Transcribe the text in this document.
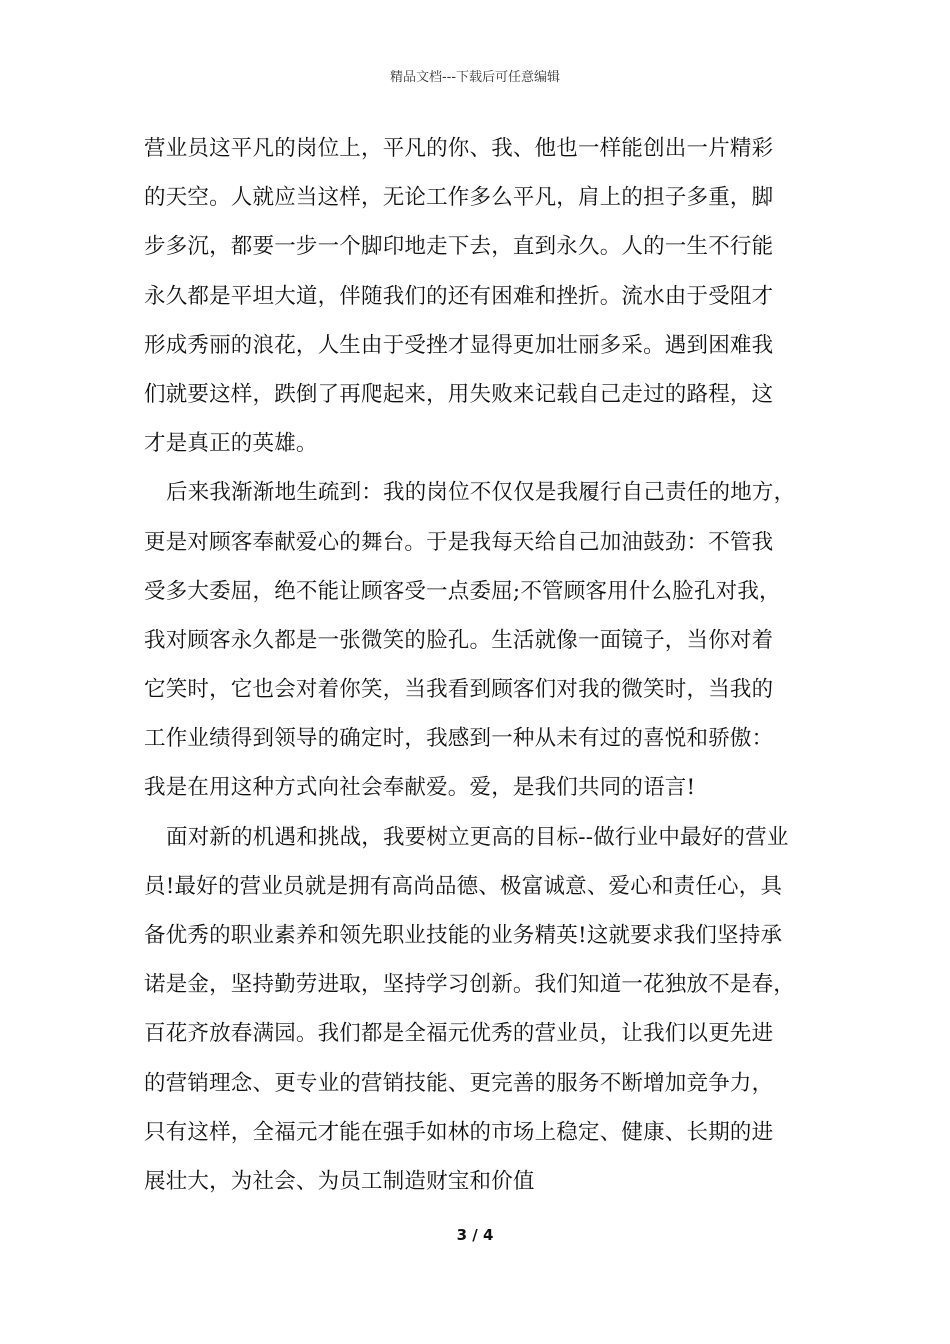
精品文档---下载后可任意编辑
营业员这平凡的岗位上，平凡的你、我、他也一样能创出一片精彩
的天空。人就应当这样，无论工作多么平凡，肩上的担子多重，脚
步多沉，都要一步一个脚印地走下去，直到永久。人的一生不行能
永久都是平坦大道，伴随我们的还有困难和挫折。流水由于受阻才
形成秀丽的浪花，人生由于受挫才显得更加壮丽多采。遇到困难我
们就要这样，跌倒了再爬起来，用失败来记载自己走过的路程，这
才是真正的英雄。
后来我渐渐地生疏到：我的岗位不仅仅是我履行自己责任的地方，
更是对顾客奉献爱心的舞台。于是我每天给自己加油鼓劲：不管我
受多大委屈，绝不能让顾客受一点委屈;不管顾客用什么脸孔对我，
我对顾客永久都是一张微笑的脸孔。生活就像一面镜子，当你对着
它笑时，它也会对着你笑，当我看到顾客们对我的微笑时，当我的
工作业绩得到领导的确定时，我感到一种从未有过的喜悦和骄傲：
我是在用这种方式向社会奉献爱。爱，是我们共同的语言!
面对新的机遇和挑战，我要树立更高的目标--做行业中最好的营业
员!最好的营业员就是拥有高尚品德、极富诚意、爱心和责任心，具
备优秀的职业素养和领先职业技能的业务精英!这就要求我们坚持承
诺是金，坚持勤劳进取，坚持学习创新。我们知道一花独放不是春，
百花齐放春满园。我们都是全福元优秀的营业员，让我们以更先进
的营销理念、更专业的营销技能、更完善的服务不断增加竞争力，
只有这样，全福元才能在强手如林的市场上稳定、健康、长期的进
展壮大，为社会、为员工制造财宝和价值
3 / 4
